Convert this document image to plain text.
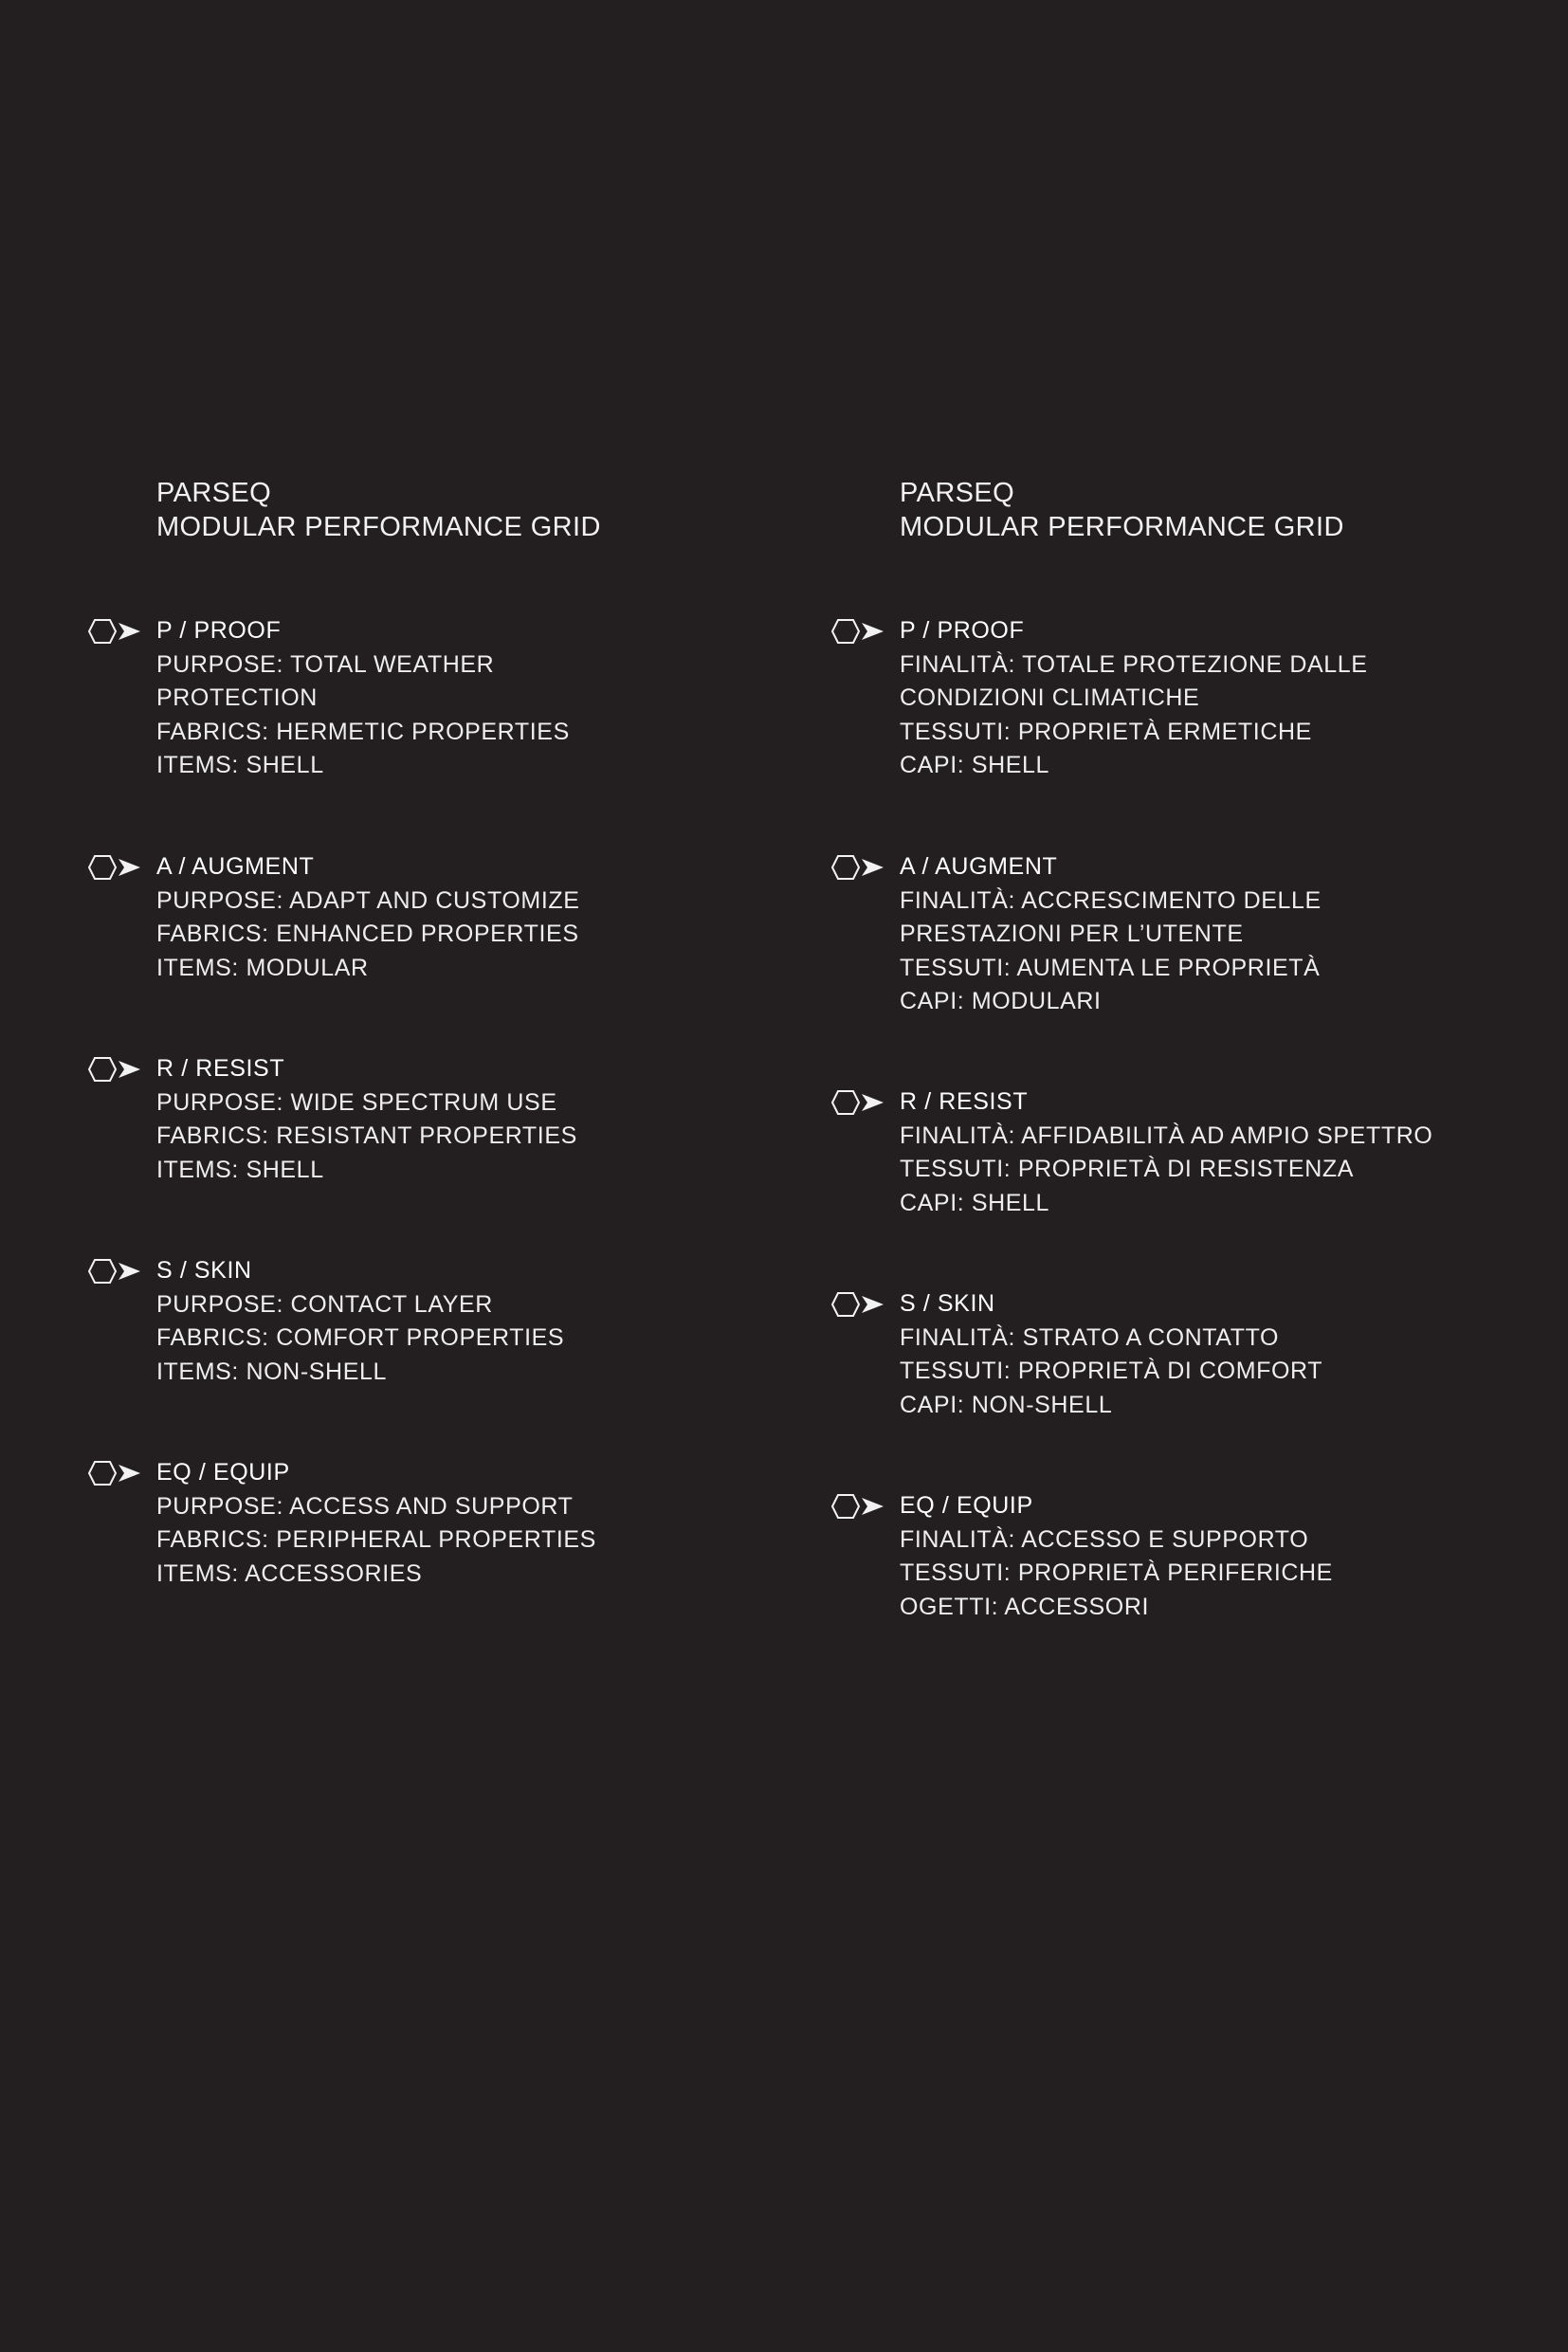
PARSEQ
MODULAR PERFORMANCE GRID
P / PROOF
PURPOSE: TOTAL WEATHER
PROTECTION
FABRICS: HERMETIC PROPERTIES
ITEMS: SHELL
A / AUGMENT
PURPOSE: ADAPT AND CUSTOMIZE
FABRICS: ENHANCED PROPERTIES
ITEMS: MODULAR
R / RESIST
PURPOSE: WIDE SPECTRUM USE
FABRICS: RESISTANT PROPERTIES
ITEMS: SHELL
S / SKIN
PURPOSE: CONTACT LAYER
FABRICS: COMFORT PROPERTIES
ITEMS: NON-SHELL
EQ / EQUIP
PURPOSE: ACCESS AND SUPPORT
FABRICS: PERIPHERAL PROPERTIES
ITEMS: ACCESSORIES
PARSEQ
MODULAR PERFORMANCE GRID
P / PROOF
FINALITÀ: TOTALE PROTEZIONE DALLE
CONDIZIONI CLIMATICHE
TESSUTI: PROPRIETÀ ERMETICHE
CAPI: SHELL
A / AUGMENT
FINALITÀ: ACCRESCIMENTO DELLE
PRESTAZIONI PER L’UTENTE
TESSUTI: AUMENTA LE PROPRIETÀ
CAPI: MODULARI
R / RESIST
FINALITÀ: AFFIDABILITÀ AD AMPIO SPETTRO
TESSUTI: PROPRIETÀ DI RESISTENZA
CAPI: SHELL
S / SKIN
FINALITÀ: STRATO A CONTATTO
TESSUTI: PROPRIETÀ DI COMFORT
CAPI: NON-SHELL
EQ / EQUIP
FINALITÀ: ACCESSO E SUPPORTO
TESSUTI: PROPRIETÀ PERIFERICHE
OGETTI: ACCESSORI
